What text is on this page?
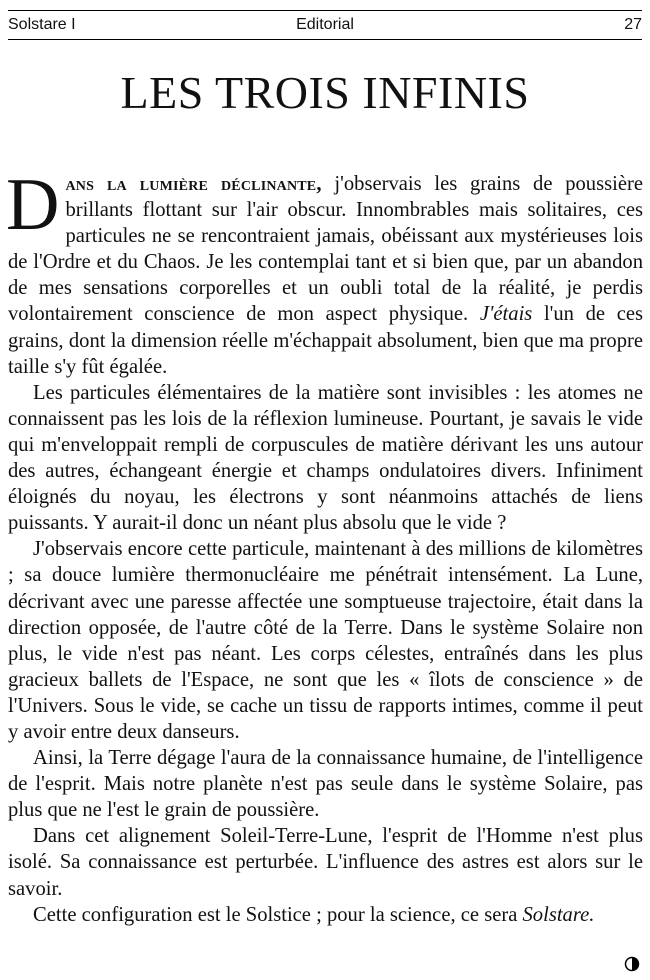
Solstare I	Editorial	27
LES TROIS INFINIS

Dans la lumière déclinante, j'observais les grains de poussière brillants flottant sur l'air obscur. Innombrables mais solitaires, ces particules ne se rencontraient jamais, obéissant aux mystérieuses lois de l'Ordre et du Chaos. Je les contemplai tant et si bien que, par un abandon de mes sensations corporelles et un oubli total de la réalité, je perdis volontairement conscience de mon aspect physique. J'étais l'un de ces grains, dont la dimension réelle m'échappait absolument, bien que ma propre taille s'y fût égalée.

Les particules élémentaires de la matière sont invisibles : les atomes ne connaissent pas les lois de la réflexion lumineuse. Pourtant, je savais le vide qui m'enveloppait rempli de corpuscules de matière dérivant les uns autour des autres, échangeant énergie et champs ondulatoires divers. Infiniment éloignés du noyau, les électrons y sont néanmoins attachés de liens puissants. Y aurait-il donc un néant plus absolu que le vide ?

J'observais encore cette particule, maintenant à des millions de kilomètres ; sa douce lumière thermonucléaire me pénétrait intensément. La Lune, décrivant avec une paresse affectée une somptueuse trajectoire, était dans la direction opposée, de l'autre côté de la Terre. Dans le système Solaire non plus, le vide n'est pas néant. Les corps célestes, entraînés dans les plus gracieux ballets de l'Espace, ne sont que les « îlots de conscience » de l'Univers. Sous le vide, se cache un tissu de rapports intimes, comme il peut y avoir entre deux danseurs.

Ainsi, la Terre dégage l'aura de la connaissance humaine, de l'intelligence de l'esprit. Mais notre planète n'est pas seule dans le système Solaire, pas plus que ne l'est le grain de poussière.

Dans cet alignement Soleil-Terre-Lune, l'esprit de l'Homme n'est plus isolé. Sa connaissance est perturbée. L'influence des astres est alors sur le savoir.

Cette configuration est le Solstice ; pour la science, ce sera Solstare.
